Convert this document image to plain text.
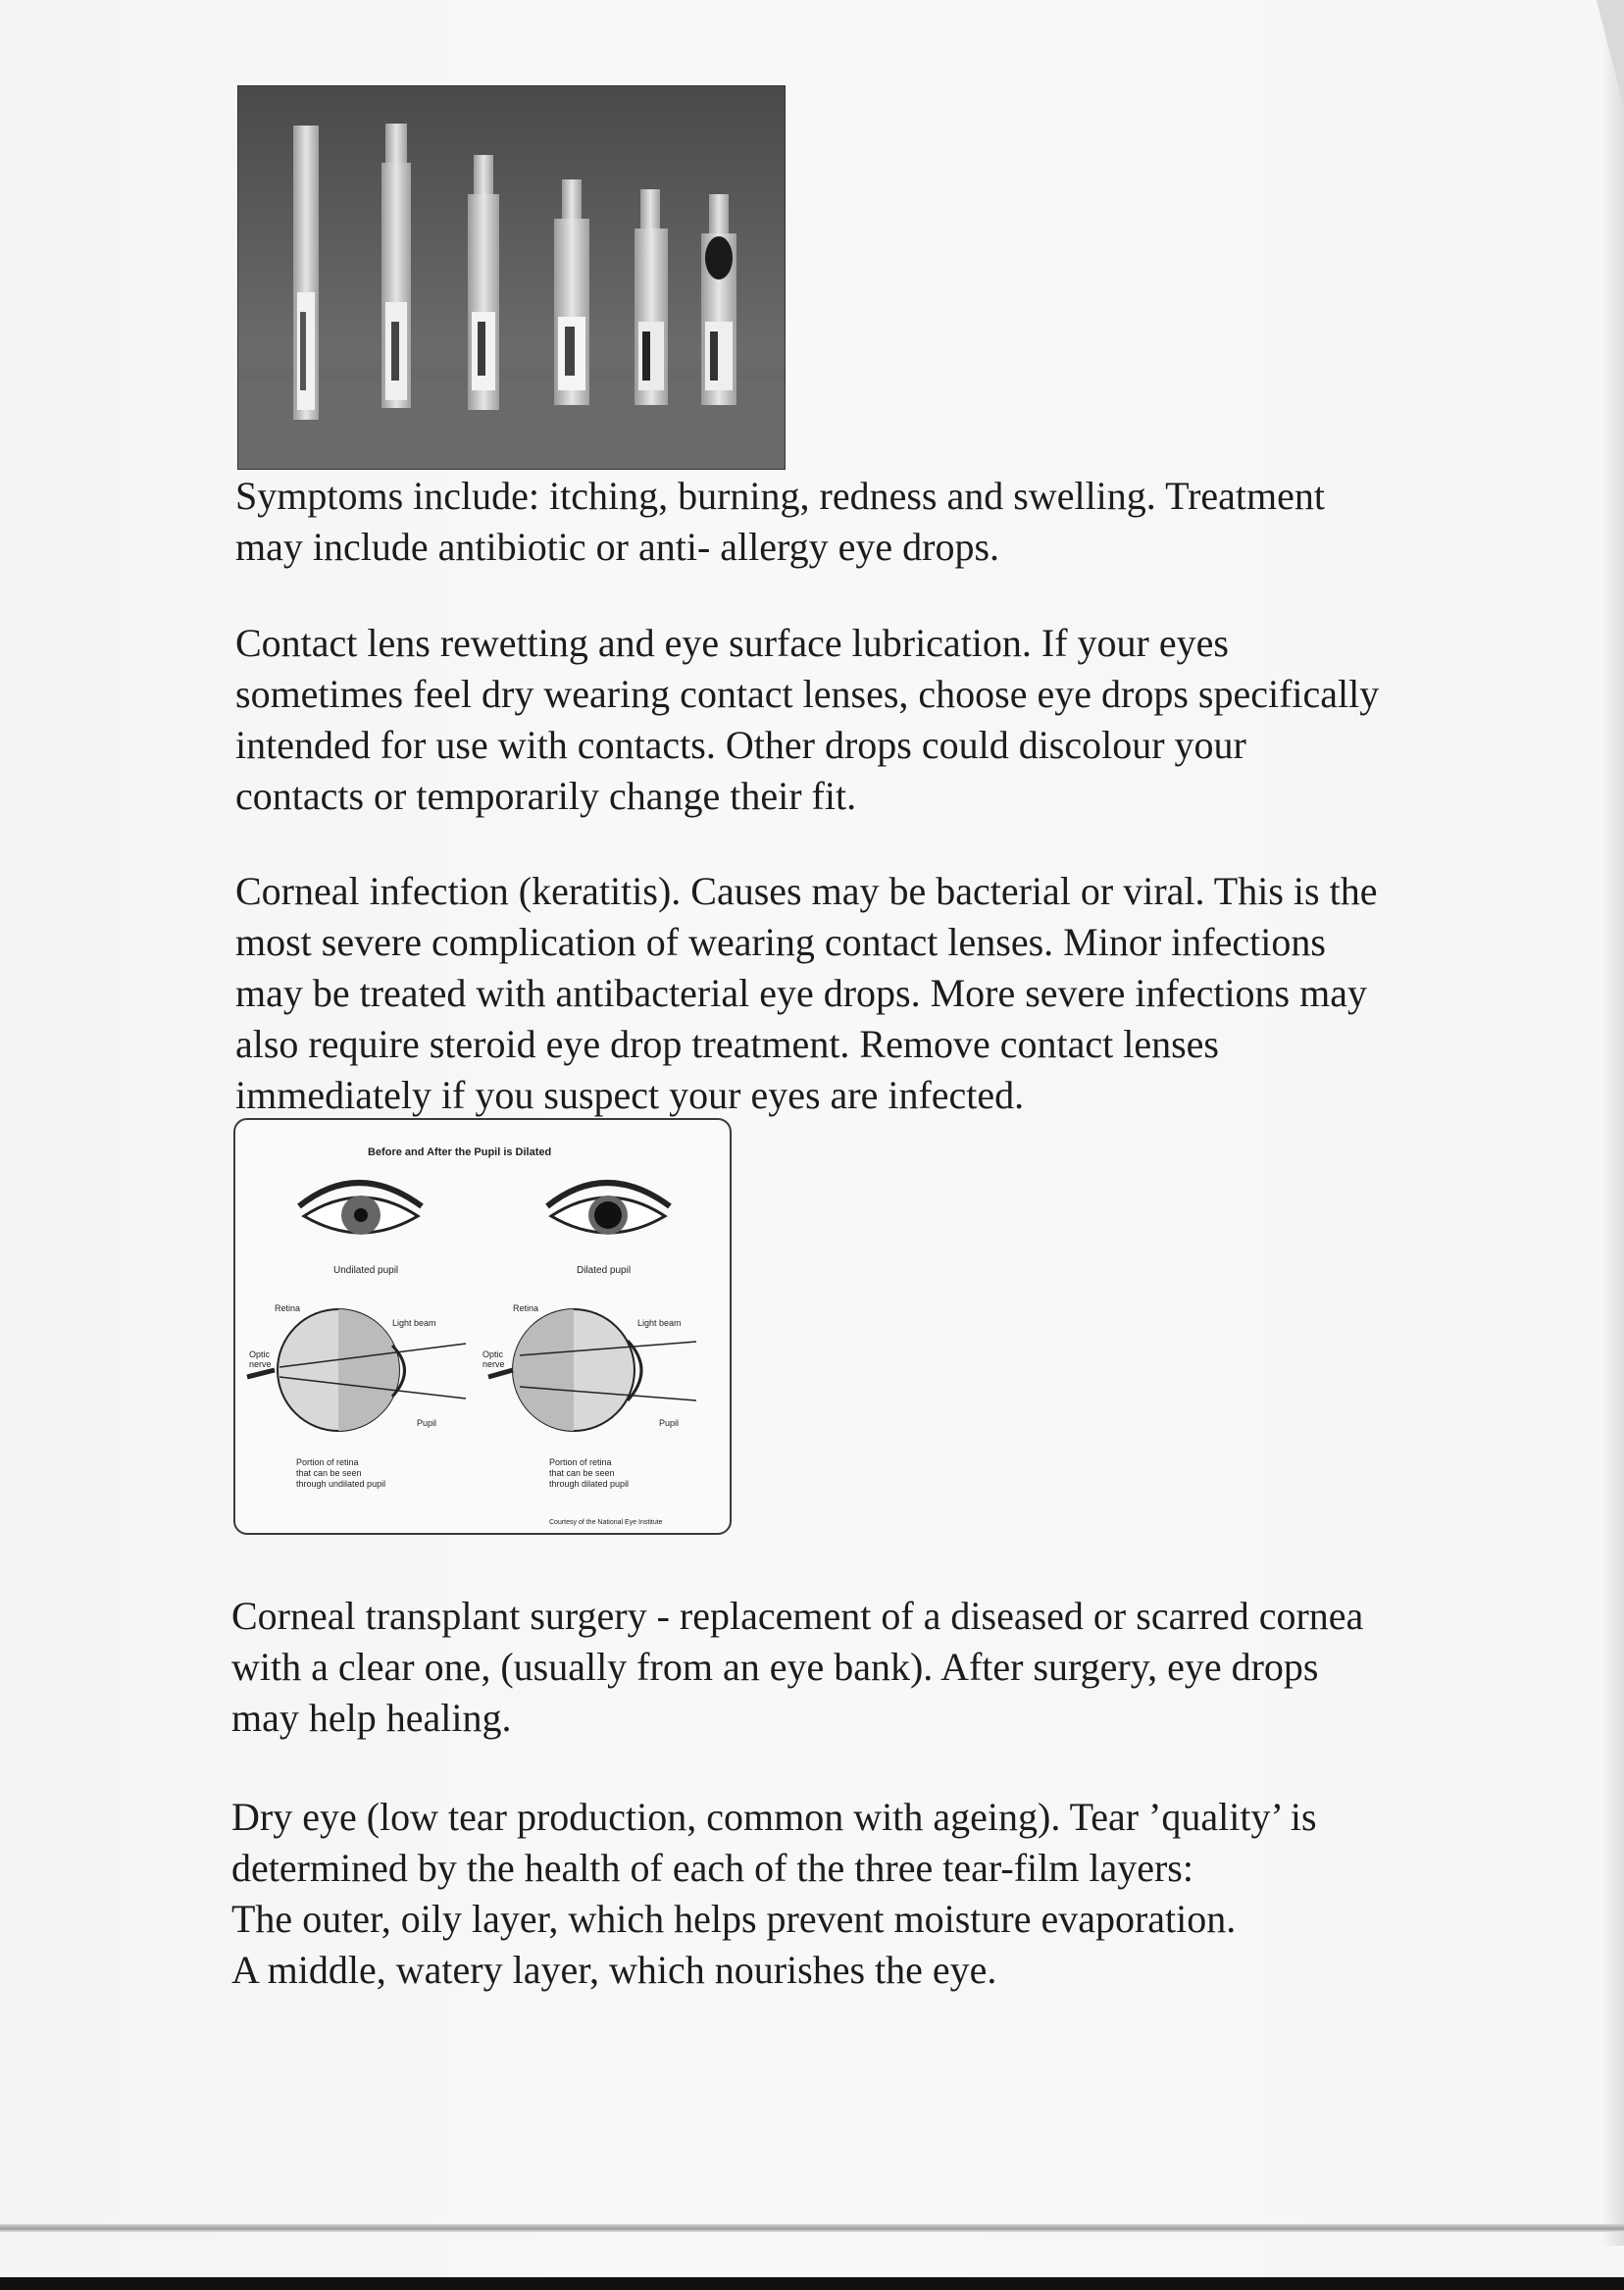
Symptoms include: itching, burning, redness and swelling. Treatment
may include antibiotic or anti- allergy eye drops.

Contact lens rewetting and eye surface lubrication. If your eyes
sometimes feel dry wearing contact lenses, choose eye drops specifically
intended for use with contacts. Other drops could discolour your
contacts or temporarily change their fit.

Corneal infection (keratitis). Causes may be bacterial or viral. This is the
most severe complication of wearing contact lenses. Minor infections
may be treated with antibacterial eye drops. More severe infections may
also require steroid eye drop treatment. Remove contact lenses
immediately if you suspect your eyes are infected.

Before and After the Pupil is Dilated
Undilated pupil	Dilated pupil
Retina
Light beam
Optic
nerve
Pupil
Portion of retina
that can be seen
through undilated pupil
Retina
Light beam
Optic
nerve
Pupil
Portion of retina
that can be seen
through dilated pupil
Courtesy of the National Eye Institute

Corneal transplant surgery - replacement of a diseased or scarred cornea
with a clear one, (usually from an eye bank). After surgery, eye drops
may help healing.

Dry eye (low tear production, common with ageing). Tear ’quality’ is
determined by the health of each of the three tear-film layers:
The outer, oily layer, which helps prevent moisture evaporation.
A middle, watery layer, which nourishes the eye.
